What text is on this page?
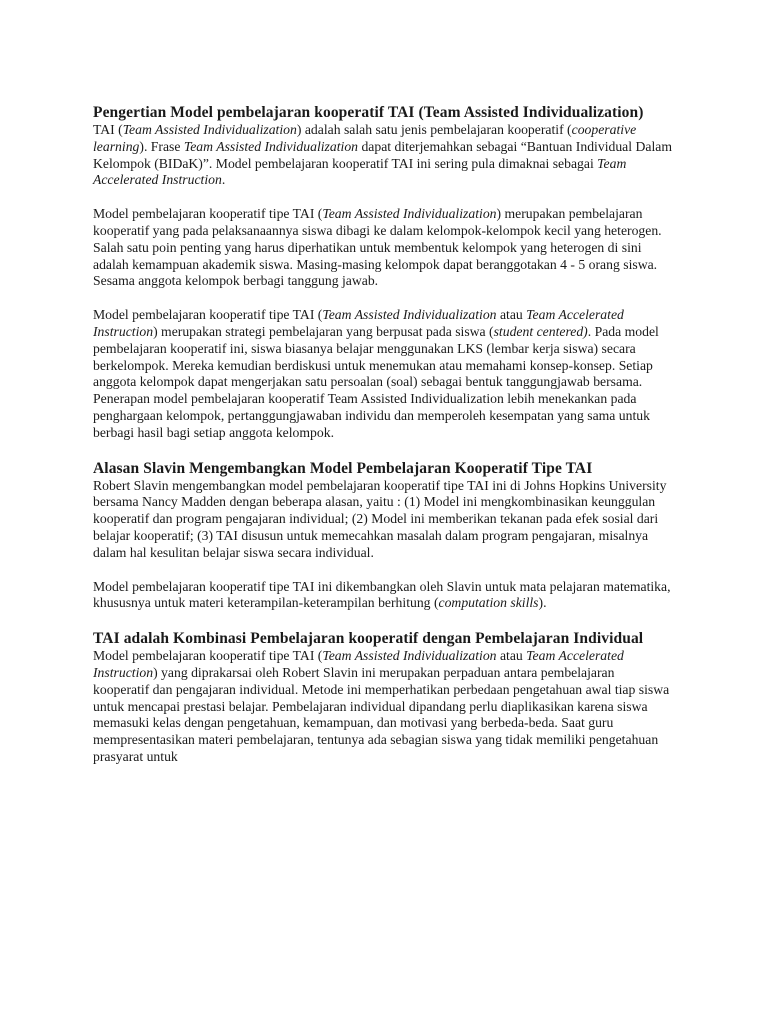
Pengertian Model pembelajaran kooperatif TAI (Team Assisted Individualization)

TAI (Team Assisted Individualization) adalah salah satu jenis pembelajaran kooperatif (cooperative learning). Frase Team Assisted Individualization dapat diterjemahkan sebagai “Bantuan Individual Dalam Kelompok (BIDaK)”. Model pembelajaran kooperatif TAI ini sering pula dimaknai sebagai Team Accelerated Instruction.

Model pembelajaran kooperatif tipe TAI (Team Assisted Individualization) merupakan pembelajaran kooperatif yang pada pelaksanaannya siswa dibagi ke dalam kelompok-kelompok kecil yang heterogen. Salah satu poin penting yang harus diperhatikan untuk membentuk kelompok yang heterogen di sini adalah kemampuan akademik siswa. Masing-masing kelompok dapat beranggotakan 4 - 5 orang siswa. Sesama anggota kelompok berbagi tanggung jawab.

Model pembelajaran kooperatif tipe TAI (Team Assisted Individualization atau Team Accelerated Instruction) merupakan strategi pembelajaran yang berpusat pada siswa (student centered). Pada model pembelajaran kooperatif ini, siswa biasanya belajar menggunakan LKS (lembar kerja siswa) secara berkelompok. Mereka kemudian berdiskusi untuk menemukan atau memahami konsep-konsep. Setiap anggota kelompok dapat mengerjakan satu persoalan (soal) sebagai bentuk tanggungjawab bersama. Penerapan model pembelajaran kooperatif Team Assisted Individualization lebih menekankan pada penghargaan kelompok, pertanggungjawaban individu dan memperoleh kesempatan yang sama untuk berbagi hasil bagi setiap anggota kelompok.

Alasan Slavin Mengembangkan Model Pembelajaran Kooperatif Tipe TAI

Robert Slavin mengembangkan model pembelajaran kooperatif tipe TAI ini di Johns Hopkins University bersama Nancy Madden dengan beberapa alasan, yaitu : (1) Model ini mengkombinasikan keunggulan kooperatif dan program pengajaran individual; (2) Model ini memberikan tekanan pada efek sosial dari belajar kooperatif; (3) TAI disusun untuk memecahkan masalah dalam program pengajaran, misalnya dalam hal kesulitan belajar siswa secara individual.

Model pembelajaran kooperatif tipe TAI ini dikembangkan oleh Slavin untuk mata pelajaran matematika, khususnya untuk materi keterampilan-keterampilan berhitung (computation skills).

TAI adalah Kombinasi Pembelajaran kooperatif dengan Pembelajaran Individual

Model pembelajaran kooperatif tipe TAI (Team Assisted Individualization atau Team Accelerated Instruction) yang diprakarsai oleh Robert Slavin ini merupakan perpaduan antara pembelajaran kooperatif dan pengajaran individual. Metode ini memperhatikan perbedaan pengetahuan awal tiap siswa untuk mencapai prestasi belajar. Pembelajaran individual dipandang perlu diaplikasikan karena siswa memasuki kelas dengan pengetahuan, kemampuan, dan motivasi yang berbeda-beda. Saat guru mempresentasikan materi pembelajaran, tentunya ada sebagian siswa yang tidak memiliki pengetahuan prasyarat untuk
